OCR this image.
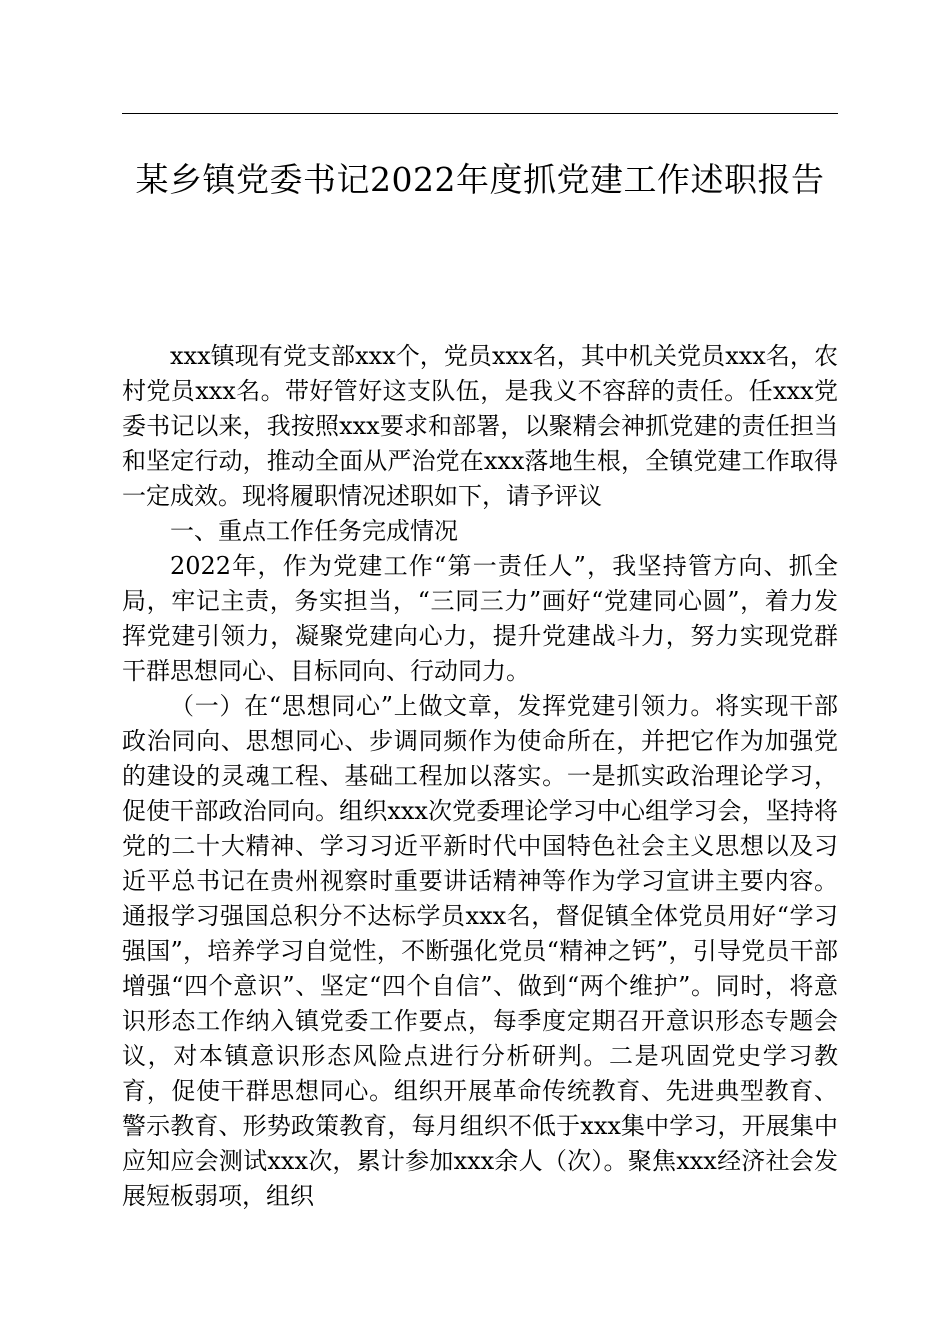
某乡镇党委书记2022年度抓党建工作述职报告

xxx镇现有党支部xxx个，党员xxx名，其中机关党员xxx名，农村党员xxx名。带好管好这支队伍，是我义不容辞的责任。任xxx党委书记以来，我按照xxx要求和部署，以聚精会神抓党建的责任担当和坚定行动，推动全面从严治党在xxx落地生根，全镇党建工作取得一定成效。现将履职情况述职如下，请予评议

一、重点工作任务完成情况

2022年，作为党建工作“第一责任人”，我坚持管方向、抓全局，牢记主责，务实担当，“三同三力”画好“党建同心圆”，着力发挥党建引领力，凝聚党建向心力，提升党建战斗力，努力实现党群干群思想同心、目标同向、行动同力。

（一）在“思想同心”上做文章，发挥党建引领力。将实现干部政治同向、思想同心、步调同频作为使命所在，并把它作为加强党的建设的灵魂工程、基础工程加以落实。一是抓实政治理论学习，促使干部政治同向。组织xxx次党委理论学习中心组学习会，坚持将党的二十大精神、学习习近平新时代中国特色社会主义思想以及习近平总书记在贵州视察时重要讲话精神等作为学习宣讲主要内容。通报学习强国总积分不达标学员xxx名，督促镇全体党员用好“学习强国”，培养学习自觉性，不断强化党员“精神之钙”，引导党员干部增强“四个意识”、坚定“四个自信”、做到“两个维护”。同时，将意识形态工作纳入镇党委工作要点，每季度定期召开意识形态专题会议，对本镇意识形态风险点进行分析研判。二是巩固党史学习教育，促使干群思想同心。组织开展革命传统教育、先进典型教育、警示教育、形势政策教育，每月组织不低于xxx集中学习，开展集中应知应会测试xxx次，累计参加xxx余人（次）。聚焦xxx经济社会发展短板弱项，组织
